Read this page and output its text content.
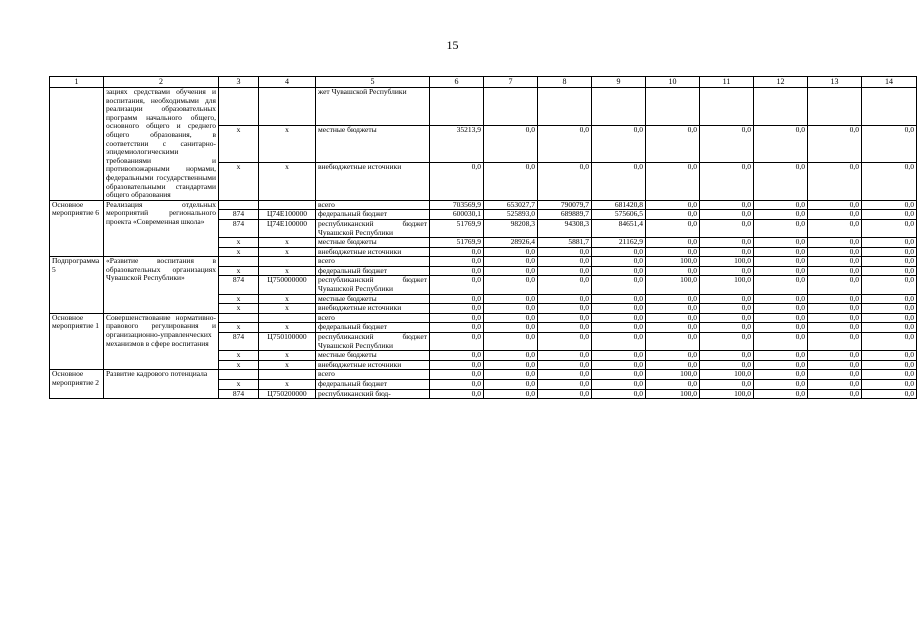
15
1	2	3	4	5	6	7	8	9	10	11	12	13	14
	зациях средствами обучения и воспитания, необходимыми для реализации образовательных программ начального общего, основного общего и среднего общего образования, в соответствии с санитарно-эпидемиологическими требованиями и противопожарными нормами, федеральными государственными образовательными стандартами общего образования			жет Чувашской Республики									
		х	х	местные бюджеты	35213,9	0,0	0,0	0,0	0,0	0,0	0,0	0,0	0,0
		х	х	внебюджетные источники	0,0	0,0	0,0	0,0	0,0	0,0	0,0	0,0	0,0
Основное мероприятие 6	Реализация отдельных мероприятий регионального проекта «Современная школа»			всего	703569,9	653027,7	790079,7	681420,8	0,0	0,0	0,0	0,0	0,0
		874	Ц74Е100000	федеральный бюджет	600030,1	525893,0	689889,7	575606,5	0,0	0,0	0,0	0,0	0,0
		874	Ц74Е100000	республиканский бюджет Чувашской Республики	51769,9	98208,3	94308,3	84651,4	0,0	0,0	0,0	0,0	0,0
		х	х	местные бюджеты	51769,9	28926,4	5881,7	21162,9	0,0	0,0	0,0	0,0	0,0
		х	х	внебюджетные источники	0,0	0,0	0,0	0,0	0,0	0,0	0,0	0,0	0,0
Подпрограмма 5	«Развитие воспитания в образовательных организациях Чувашской Республики»			всего	0,0	0,0	0,0	0,0	100,0	100,0	0,0	0,0	0,0
		х	х	федеральный бюджет	0,0	0,0	0,0	0,0	0,0	0,0	0,0	0,0	0,0
		874	Ц750000000	республиканский бюджет Чувашской Республики	0,0	0,0	0,0	0,0	100,0	100,0	0,0	0,0	0,0
		х	х	местные бюджеты	0,0	0,0	0,0	0,0	0,0	0,0	0,0	0,0	0,0
		х	х	внебюджетные источники	0,0	0,0	0,0	0,0	0,0	0,0	0,0	0,0	0,0
Основное мероприятие 1	Совершенствование нормативно-правового регулирования и организационно-управленческих механизмов в сфере воспитания			всего	0,0	0,0	0,0	0,0	0,0	0,0	0,0	0,0	0,0
		х	х	федеральный бюджет	0,0	0,0	0,0	0,0	0,0	0,0	0,0	0,0	0,0
		874	Ц750100000	республиканский бюджет Чувашской Республики	0,0	0,0	0,0	0,0	0,0	0,0	0,0	0,0	0,0
		х	х	местные бюджеты	0,0	0,0	0,0	0,0	0,0	0,0	0,0	0,0	0,0
		х	х	внебюджетные источники	0,0	0,0	0,0	0,0	0,0	0,0	0,0	0,0	0,0
Основное мероприятие 2	Развитие кадрового потенциала			всего	0,0	0,0	0,0	0,0	100,0	100,0	0,0	0,0	0,0
		х	х	федеральный бюджет	0,0	0,0	0,0	0,0	0,0	0,0	0,0	0,0	0,0
		874	Ц750200000	республиканский бюд-	0,0	0,0	0,0	0,0	100,0	100,0	0,0	0,0	0,0
